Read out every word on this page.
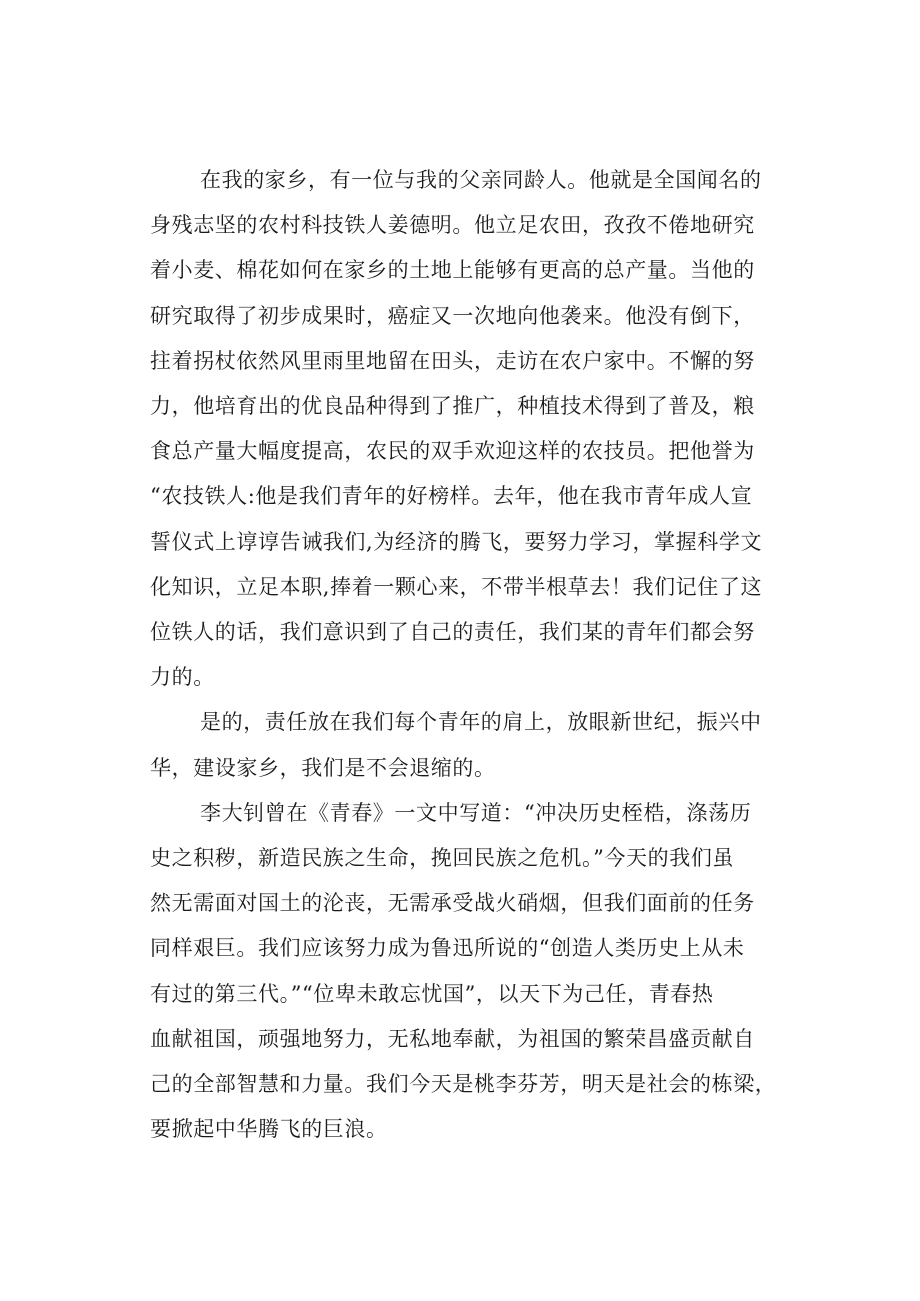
在我的家乡，有一位与我的父亲同龄人。他就是全国闻名的
身残志坚的农村科技铁人姜德明。他立足农田，孜孜不倦地研究
着小麦、棉花如何在家乡的土地上能够有更高的总产量。当他的
研究取得了初步成果时，癌症又一次地向他袭来。他没有倒下，
拄着拐杖依然风里雨里地留在田头，走访在农户家中。不懈的努
力，他培育出的优良品种得到了推广，种植技术得到了普及，粮
食总产量大幅度提高，农民的双手欢迎这样的农技员。把他誉为
“农技铁人:他是我们青年的好榜样。去年，他在我市青年成人宣
誓仪式上谆谆告诫我们,为经济的腾飞，要努力学习，掌握科学文
化知识，立足本职,捧着一颗心来，不带半根草去！我们记住了这
位铁人的话，我们意识到了自己的责任，我们某的青年们都会努
力的。

是的，责任放在我们每个青年的肩上，放眼新世纪，振兴中
华，建设家乡，我们是不会退缩的。

李大钊曾在《青春》一文中写道：“冲决历史桎梏，涤荡历
史之积秽，新造民族之生命，挽回民族之危机。”今天的我们虽
然无需面对国土的沦丧，无需承受战火硝烟，但我们面前的任务
同样艰巨。我们应该努力成为鲁迅所说的“创造人类历史上从未
有过的第三代。”“位卑未敢忘忧国”，以天下为己任，青春热
血献祖国，顽强地努力，无私地奉献，为祖国的繁荣昌盛贡献自
己的全部智慧和力量。我们今天是桃李芬芳，明天是社会的栋梁，
要掀起中华腾飞的巨浪。
